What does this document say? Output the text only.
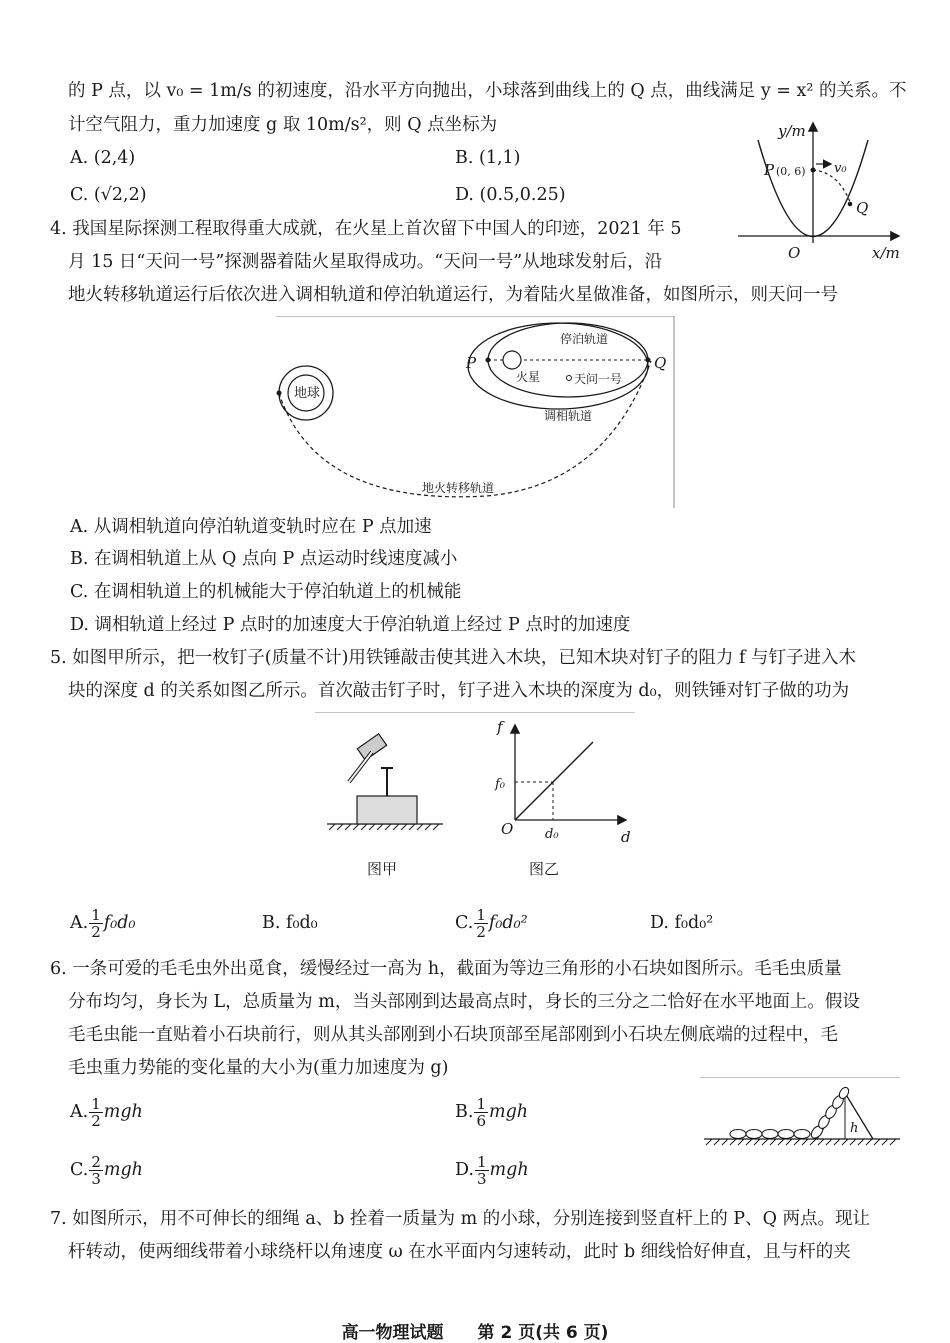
的 P 点，以 v₀ = 1m/s 的初速度，沿水平方向抛出，小球落到曲线上的 Q 点，曲线满足 y = x² 的关系。不
计空气阻力，重力加速度 g 取 10m/s²，则 Q 点坐标为
A. (2,4)	B. (1,1)
C. (√2,2)	D. (0.5,0.25)
y/m
x/m
O
P (0, 6) v₀
Q
4. 我国星际探测工程取得重大成就，在火星上首次留下中国人的印迹，2021 年 5
月 15 日“天问一号”探测器着陆火星取得成功。“天问一号”从地球发射后，沿
地火转移轨道运行后依次进入调相轨道和停泊轨道运行，为着陆火星做准备，如图所示，则天问一号
地球
P	Q
火星	天问一号
停泊轨道
调相轨道
地火转移轨道
A. 从调相轨道向停泊轨道变轨时应在 P 点加速
B. 在调相轨道上从 Q 点向 P 点运动时线速度减小
C. 在调相轨道上的机械能大于停泊轨道上的机械能
D. 调相轨道上经过 P 点时的加速度大于停泊轨道上经过 P 点时的加速度
5. 如图甲所示，把一枚钉子(质量不计)用铁锤敲击使其进入木块，已知木块对钉子的阻力 f 与钉子进入木
块的深度 d 的关系如图乙所示。首次敲击钉子时，钉子进入木块的深度为 d₀，则铁锤对钉子做的功为
图甲
f
d
O
f₀
d₀
图乙
A. $\frac{1}{2} f_0d_0$	B. f₀d₀	C. $\frac{1}{2} f_0d_0^2$	D. f₀d₀²
6. 一条可爱的毛毛虫外出觅食，缓慢经过一高为 h，截面为等边三角形的小石块如图所示。毛毛虫质量
分布均匀，身长为 L，总质量为 m，当头部刚到达最高点时，身长的三分之二恰好在水平地面上。假设
毛毛虫能一直贴着小石块前行，则从其头部刚到小石块顶部至尾部刚到小石块左侧底端的过程中，毛
毛虫重力势能的变化量的大小为(重力加速度为 g)
A. $\frac{1}{2}$ mgh	B. $\frac{1}{6}$ mgh
C. $\frac{2}{3}$ mgh	D. $\frac{1}{3}$ mgh
h
7. 如图所示，用不可伸长的细绳 a、b 拴着一质量为 m 的小球，分别连接到竖直杆上的 P、Q 两点。现让
杆转动，使两细线带着小球绕杆以角速度 ω 在水平面内匀速转动，此时 b 细线恰好伸直，且与杆的夹
高一物理试题　　第 2 页(共 6 页)
